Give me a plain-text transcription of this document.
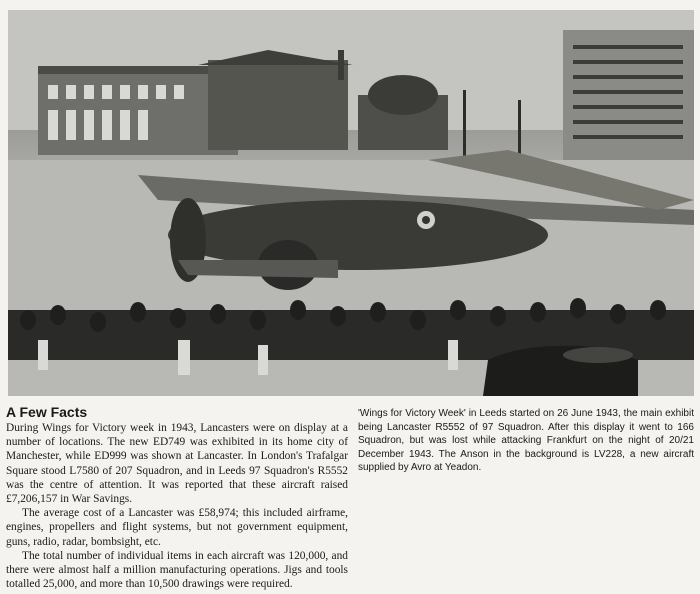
A Few Facts

During Wings for Victory week in 1943, Lancasters were on display at a number of locations. The new ED749 was exhibited in its home city of Manchester, while ED999 was shown at Lancaster. In London's Trafalgar Square stood L7580 of 207 Squadron, and in Leeds 97 Squadron's R5552 was the centre of attention. It was reported that these aircraft raised £7,206,157 in War Savings.

The average cost of a Lancaster was £58,974; this included airframe, engines, propellers and flight systems, but not government equipment, guns, radio, radar, bombsight, etc.

The total number of individual items in each aircraft was 120,000, and there were almost half a million manufacturing operations. Jigs and tools totalled 25,000, and more than 10,500 drawings were required.

'Wings for Victory Week' in Leeds started on 26 June 1943, the main exhibit being Lancaster R5552 of 97 Squadron. After this display it went to 166 Squadron, but was lost while attacking Frankfurt on the night of 20/21 December 1943. The Anson in the background is LV228, a new aircraft supplied by Avro at Yeadon.
